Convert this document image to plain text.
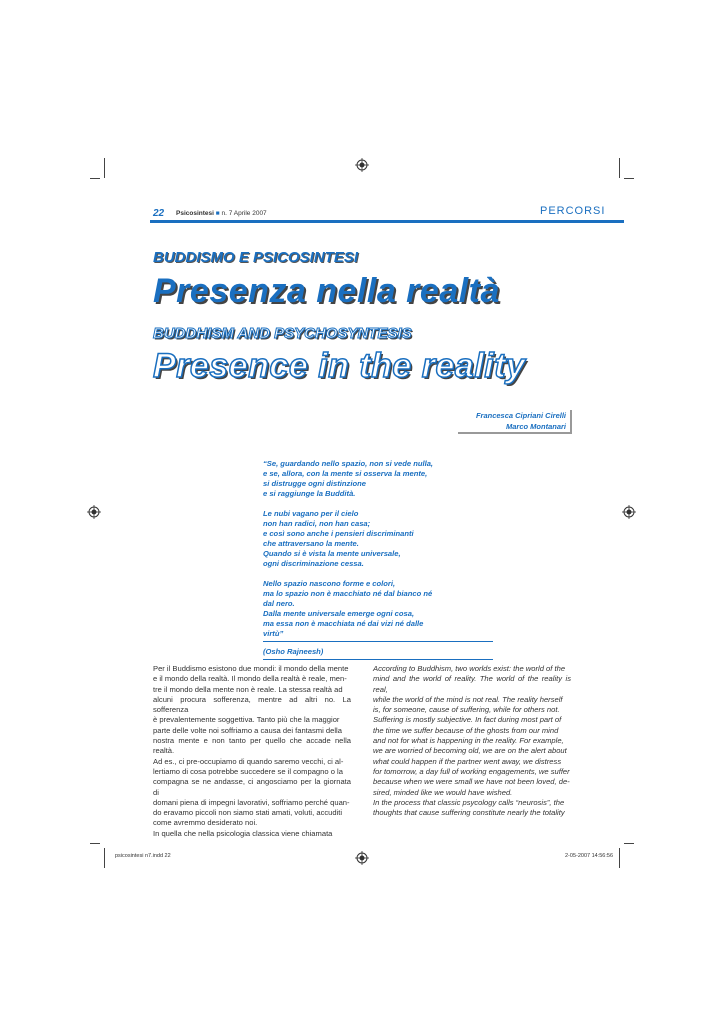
22 Psicosintesi ■ n. 7 Aprile 2007	PERCORSI
BUDDISMO E PSICOSINTESI
Presenza nella realtà
BUDDHISM AND PSYCHOSYNTESIS
Presence in the reality
Francesca Cipriani Cirelli
Marco Montanari

“Se, guardando nello spazio, non si vede nulla,
e se, allora, con la mente si osserva la mente,
si distrugge ogni distinzione
e si raggiunge la Buddità.

Le nubi vagano per il cielo
non han radici, non han casa;
e così sono anche i pensieri discriminanti
che attraversano la mente.
Quando si è vista la mente universale,
ogni discriminazione cessa.

Nello spazio nascono forme e colori,
ma lo spazio non è macchiato né dal bianco né
dal nero.
Dalla mente universale emerge ogni cosa,
ma essa non è macchiata né dai vizi né dalle
virtù”

(Osho Rajneesh)

Per il Buddismo esistono due mondi: il mondo della mente

e il mondo della realtà. Il mondo della realtà è reale, men-

tre il mondo della mente non è reale. La stessa realtà ad

alcuni procura sofferenza, mentre ad altri no. La sofferenza

è prevalentemente soggettiva. Tanto più che la maggior

parte delle volte noi soffriamo a causa dei fantasmi della

nostra mente e non tanto per quello che accade nella realtà.

Ad es., ci pre-occupiamo di quando saremo vecchi, ci al-

lertiamo di cosa potrebbe succedere se il compagno o la

compagna se ne andasse, ci angosciamo per la giornata di

domani piena di impegni lavorativi, soffriamo perché quan-

do eravamo piccoli non siamo stati amati, voluti, accuditi

come avremmo desiderato noi.

In quella che nella psicologia classica viene chiamata

According to Buddhism, two worlds exist: the world of the

mind and the world of reality. The world of the reality is real,

while the world of the mind is not real. The reality herself

is, for someone, cause of suffering, while for others not.

Suffering is mostly subjective. In fact during most part of

the time we suffer because of the ghosts from our mind

and not for what is happening in the reality. For example,

we are worried of becoming old, we are on the alert about

what could happen if the partner went away, we distress

for tomorrow, a day full of working engagements, we suffer

because when we were small we have not been loved, de-

sired, minded like we would have wished.

In the process that classic psycology calls “neurosis”, the

thoughts that cause suffering constitute nearly the totality

psicosintesi n7.indd 22	2-05-2007 14:56:56
